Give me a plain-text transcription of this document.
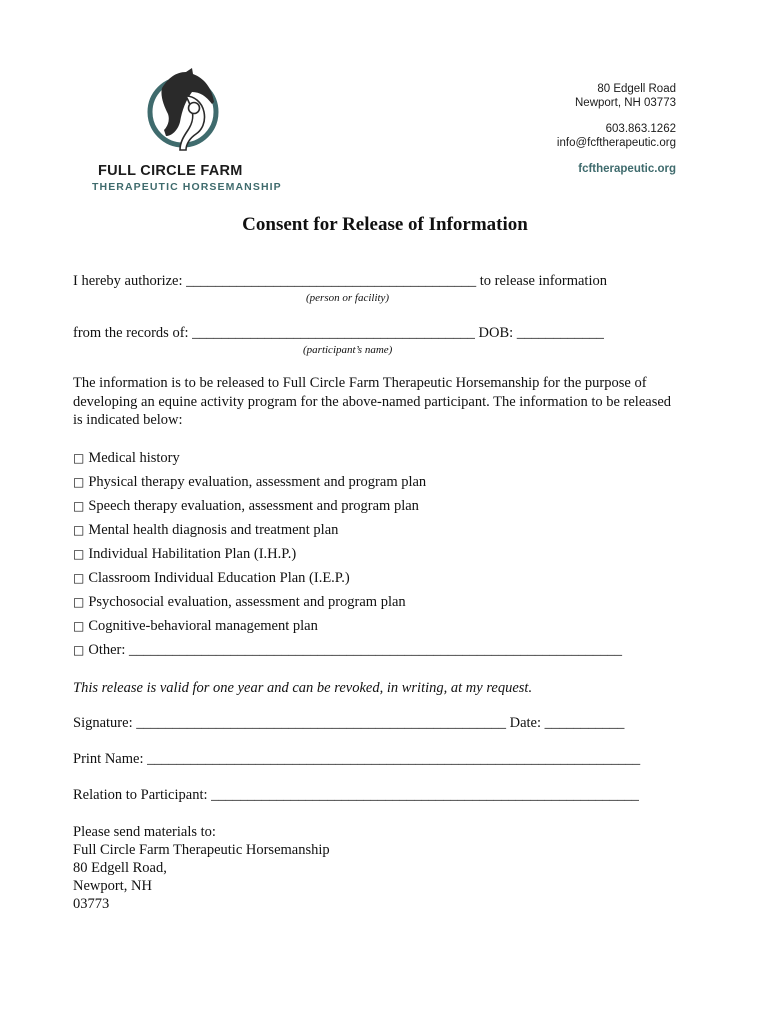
FULL CIRCLE FARM
THERAPEUTIC HORSEMANSHIP
80 Edgell Road
Newport, NH 03773
603.863.1262
info@fcftherapeutic.org
fcftherapeutic.org
Consent for Release of Information
I hereby authorize: ________________________________________ to release information
(person or facility)
from the records of: _______________________________________ DOB: ____________
(participant’s name)
The information is to be released to Full Circle Farm Therapeutic Horsemanship for the purpose of developing an equine activity program for the above-named participant. The information to be released is indicated below:
□ Medical history
□ Physical therapy evaluation, assessment and program plan
□ Speech therapy evaluation, assessment and program plan
□ Mental health diagnosis and treatment plan
□ Individual Habilitation Plan (I.H.P.)
□ Classroom Individual Education Plan (I.E.P.)
□ Psychosocial evaluation, assessment and program plan
□ Cognitive-behavioral management plan
□ Other: ____________________________________________________________________
This release is valid for one year and can be revoked, in writing, at my request.
Signature: ___________________________________________________ Date: ___________
Print Name: ____________________________________________________________________
Relation to Participant: ___________________________________________________________
Please send materials to:
Full Circle Farm Therapeutic Horsemanship
80 Edgell Road,
Newport, NH
03773
